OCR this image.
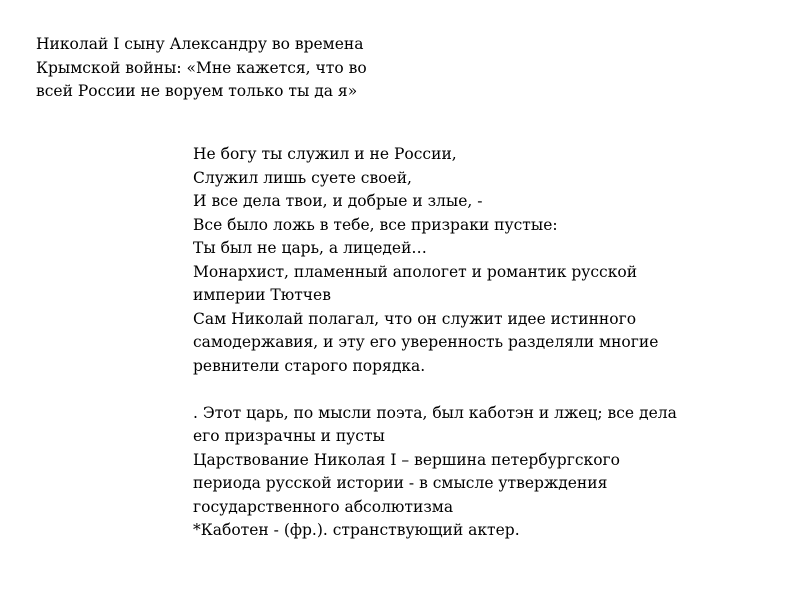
Николай I сыну Александру во времена
Крымской войны: «Мне кажется, что во
всей России не воруем только ты да я»
Не богу ты служил и не России,
Служил лишь суете своей,
И все дела твои, и добрые и злые, -
Все было ложь в тебе, все призраки пустые:
Ты был не царь, а лицедей…
Монархист, пламенный апологет и романтик русской
империи Тютчев
Сам Николай полагал, что он служит идее истинного
самодержавия, и эту его уверенность разделяли многие
ревнители старого порядка.
. Этот царь, по мысли поэта, был каботэн и лжец; все дела
его призрачны и пусты
Царствование Николая I – вершина петербургского
периода русской истории - в смысле утверждения
государственного абсолютизма
*Каботен - (фр.). странствующий актер.
